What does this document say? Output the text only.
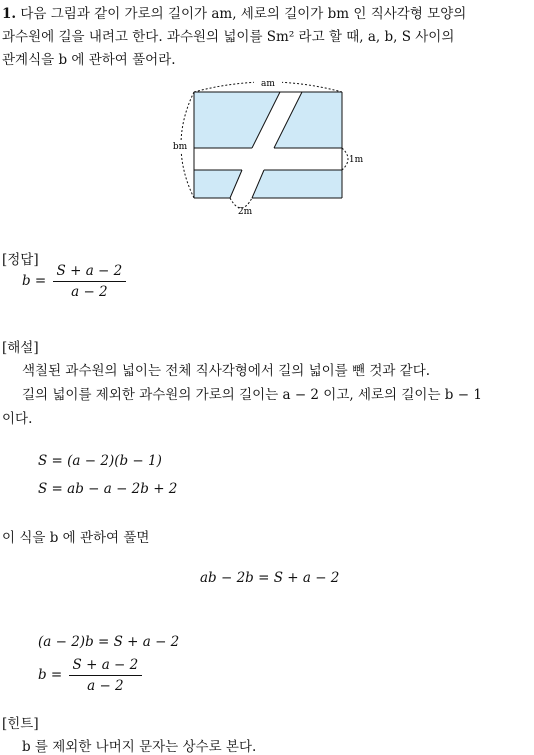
1. 다음 그림과 같이 가로의 길이가 am, 세로의 길이가 bm 인 직사각형 모양의
과수원에 길을 내려고 한다. 과수원의 넓이를 Sm² 라고 할 때, a, b, S 사이의
관계식을 b 에 관하여 풀어라.
am
bm
1m
2m
[정답]
$b = \frac{S + a - 2}{a - 2}$
[해설]
색칠된 과수원의 넓이는 전체 직사각형에서 길의 넓이를 뺀 것과 같다.
길의 넓이를 제외한 과수원의 가로의 길이는 a − 2 이고, 세로의 길이는 b − 1
이다.
S = (a − 2)(b − 1)
S = ab − a − 2b + 2
이 식을 b 에 관하여 풀면
ab − 2b = S + a − 2
(a − 2)b = S + a − 2
$b = \frac{S + a - 2}{a - 2}$
[힌트]
b 를 제외한 나머지 문자는 상수로 본다.
